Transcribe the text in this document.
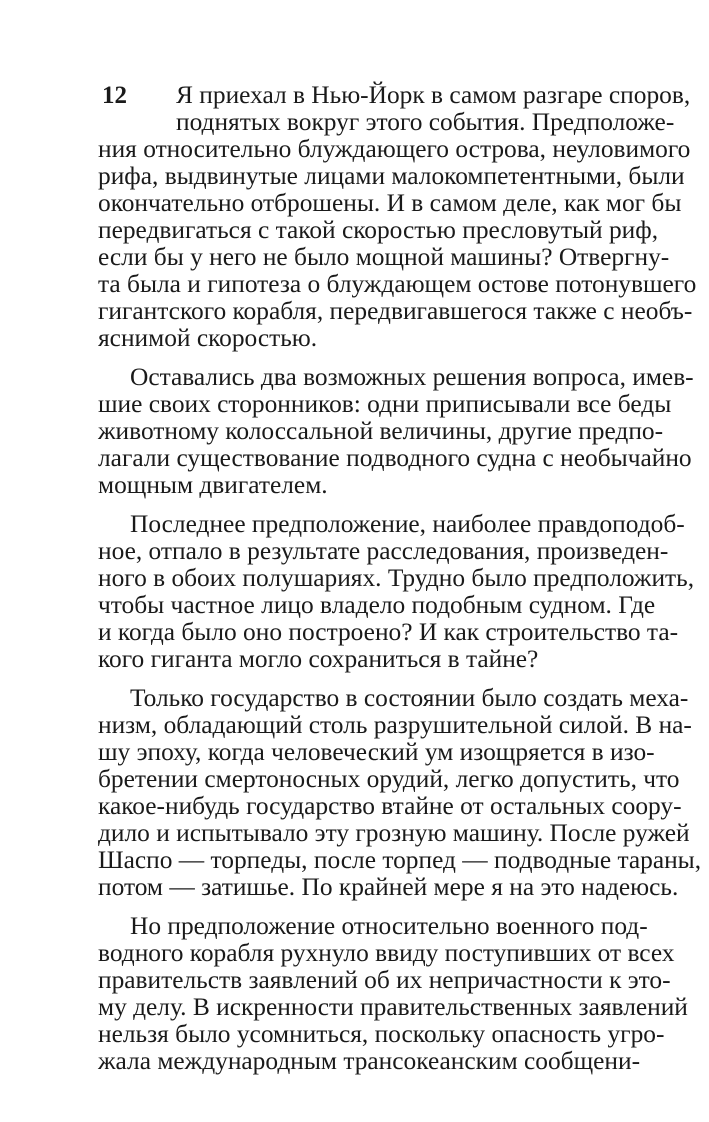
12	Я приехал в Нью-Йорк в самом разгаре споров,
поднятых вокруг этого события. Предположе-
ния относительно блуждающего острова, неуловимого
рифа, выдвинутые лицами малокомпетентными, были
окончательно отброшены. И в самом деле, как мог бы
передвигаться с такой скоростью пресловутый риф,
если бы у него не было мощной машины? Отвергну-
та была и гипотеза о блуждающем остове потонувшего
гигантского корабля, передвигавшегося также с необъ-
яснимой скоростью.
Оставались два возможных решения вопроса, имев-
шие своих сторонников: одни приписывали все беды
животному колоссальной величины, другие предпо-
лагали существование подводного судна с необычайно
мощным двигателем.
Последнее предположение, наиболее правдоподоб-
ное, отпало в результате расследования, произведен-
ного в обоих полушариях. Трудно было предположить,
чтобы частное лицо владело подобным судном. Где
и когда было оно построено? И как строительство та-
кого гиганта могло сохраниться в тайне?
Только государство в состоянии было создать меха-
низм, обладающий столь разрушительной силой. В на-
шу эпоху, когда человеческий ум изощряется в изо-
бретении смертоносных орудий, легко допустить, что
какое-нибудь государство втайне от остальных соору-
дило и испытывало эту грозную машину. После ружей
Шаспо — торпеды, после торпед — подводные тараны,
потом — затишье. По крайней мере я на это надеюсь.
Но предположение относительно военного под-
водного корабля рухнуло ввиду поступивших от всех
правительств заявлений об их непричастности к это-
му делу. В искренности правительственных заявлений
нельзя было усомниться, поскольку опасность угро-
жала международным трансокеанским сообщени-
